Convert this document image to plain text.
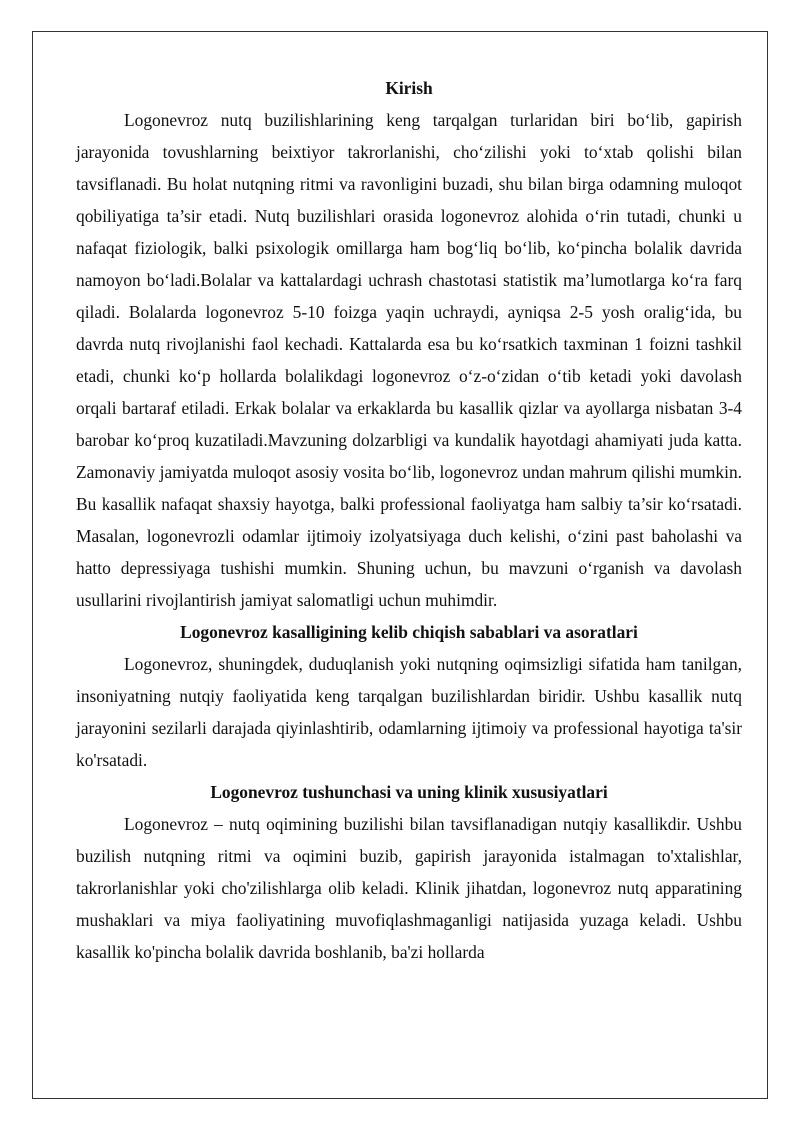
Kirish

Logonevroz nutq buzilishlarining keng tarqalgan turlaridan biri bo‘lib, gapirish jarayonida tovushlarning beixtiyor takrorlanishi, cho‘zilishi yoki to‘xtab qolishi bilan tavsiflanadi. Bu holat nutqning ritmi va ravonligini buzadi, shu bilan birga odamning muloqot qobiliyatiga ta’sir etadi. Nutq buzilishlari orasida logonevroz alohida o‘rin tutadi, chunki u nafaqat fiziologik, balki psixologik omillarga ham bog‘liq bo‘lib, ko‘pincha bolalik davrida namoyon bo‘ladi.Bolalar va kattalardagi uchrash chastotasi statistik ma’lumotlarga ko‘ra farq qiladi. Bolalarda logonevroz 5-10 foizga yaqin uchraydi, ayniqsa 2-5 yosh oralig‘ida, bu davrda nutq rivojlanishi faol kechadi. Kattalarda esa bu ko‘rsatkich taxminan 1 foizni tashkil etadi, chunki ko‘p hollarda bolalikdagi logonevroz o‘z-o‘zidan o‘tib ketadi yoki davolash orqali bartaraf etiladi. Erkak bolalar va erkaklarda bu kasallik qizlar va ayollarga nisbatan 3-4 barobar ko‘proq kuzatiladi.Mavzuning dolzarbligi va kundalik hayotdagi ahamiyati juda katta. Zamonaviy jamiyatda muloqot asosiy vosita bo‘lib, logonevroz undan mahrum qilishi mumkin. Bu kasallik nafaqat shaxsiy hayotga, balki professional faoliyatga ham salbiy ta’sir ko‘rsatadi. Masalan, logonevrozli odamlar ijtimoiy izolyatsiyaga duch kelishi, o‘zini past baholashi va hatto depressiyaga tushishi mumkin. Shuning uchun, bu mavzuni o‘rganish va davolash usullarini rivojlantirish jamiyat salomatligi uchun muhimdir.

Logonevroz kasalligining kelib chiqish sabablari va asoratlari

Logonevroz, shuningdek, duduqlanish yoki nutqning oqimsizligi sifatida ham tanilgan, insoniyatning nutqiy faoliyatida keng tarqalgan buzilishlardan biridir. Ushbu kasallik nutq jarayonini sezilarli darajada qiyinlashtirib, odamlarning ijtimoiy va professional hayotiga ta'sir ko'rsatadi.

Logonevroz tushunchasi va uning klinik xususiyatlari

Logonevroz – nutq oqimining buzilishi bilan tavsiflanadigan nutqiy kasallikdir. Ushbu buzilish nutqning ritmi va oqimini buzib, gapirish jarayonida istalmagan to'xtalishlar, takrorlanishlar yoki cho'zilishlarga olib keladi. Klinik jihatdan, logonevroz nutq apparatining mushaklari va miya faoliyatining muvofiqlashmaganligi natijasida yuzaga keladi. Ushbu kasallik ko'pincha bolalik davrida boshlanib, ba'zi hollarda
